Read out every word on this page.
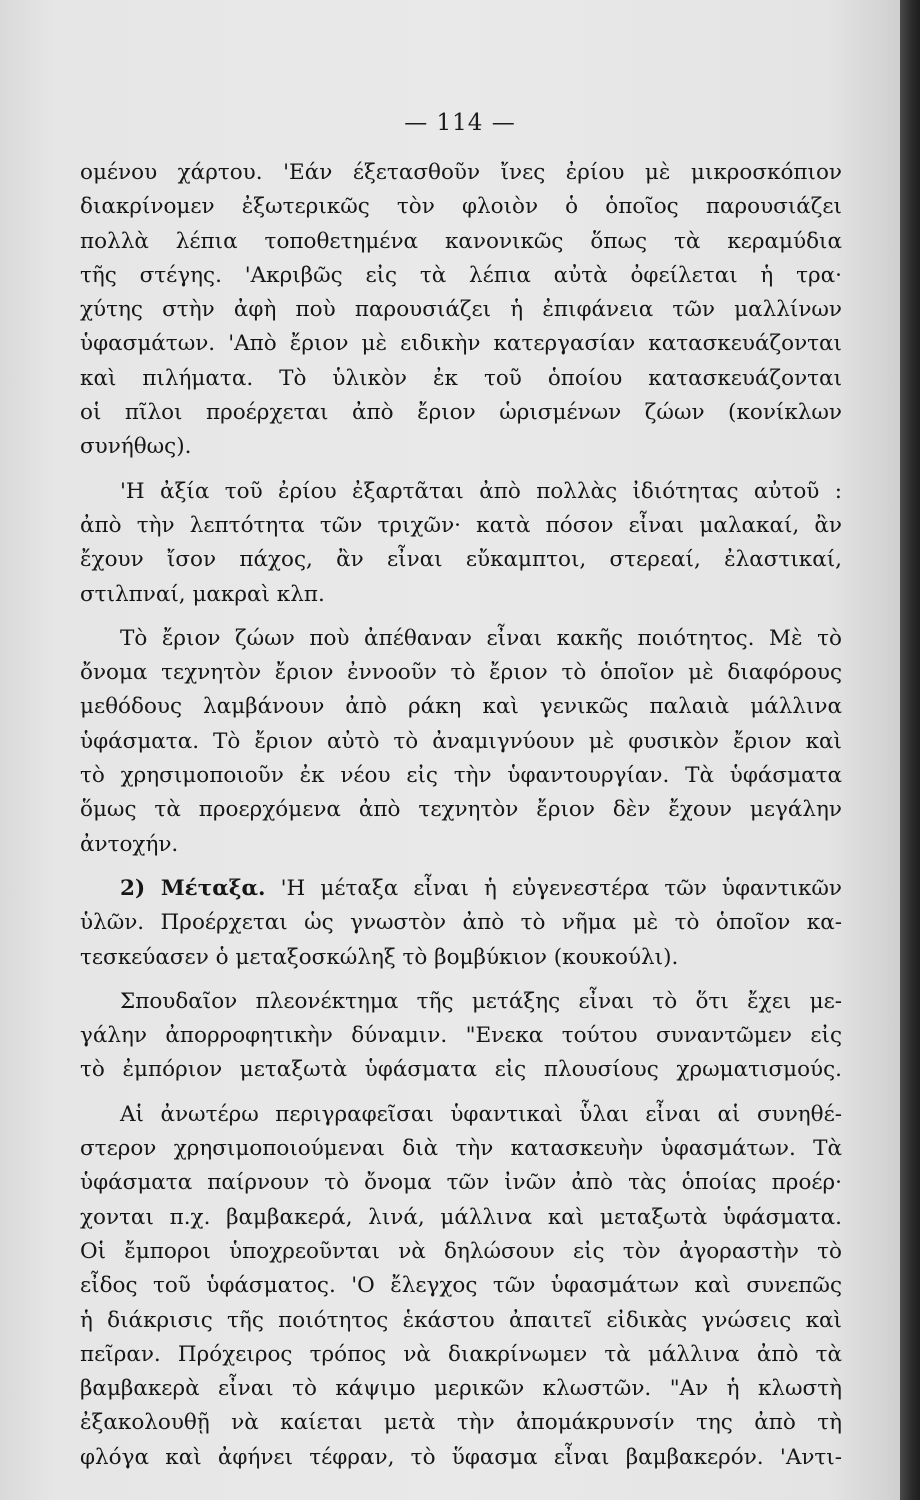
— 114 —
ομένου χάρτου. 'Εάν έξετασθοῦν ἴνες ἐρίου μὲ μικροσκόπιον
διακρίνομεν ἐξωτερικῶς τὸν φλοιὸν ὁ ὁποῖος παρουσιάζει
πολλὰ λέπια τοποθετημένα κανονικῶς ὅπως τὰ κεραμύδια
τῆς στέγης. 'Ακριβῶς εἰς τὰ λέπια αὐτὰ ὀφείλεται ἡ τρα·
χύτης στὴν ἀφὴ ποὺ παρουσιάζει ἡ ἐπιφάνεια τῶν μαλλίνων
ὑφασμάτων. 'Απὸ ἔριον μὲ ειδικὴν κατεργασίαν κατασκευάζονται
καὶ πιλήματα. Τὸ ὑλικὸν ἐκ τοῦ ὁποίου κατασκευάζονται
οἱ πῖλοι προέρχεται ἀπὸ ἔριον ὡρισμένων ζώων (κονίκλων
συνήθως).
'Η ἀξία τοῦ ἐρίου ἐξαρτᾶται ἀπὸ πολλὰς ἰδιότητας αὐτοῦ :
ἀπὸ τὴν λεπτότητα τῶν τριχῶν· κατὰ πόσον εἶναι μαλακαί, ἂν
ἔχουν ἴσον πάχος, ἂν εἶναι εὔκαμπτοι, στερεαί, ἐλαστικαί,
στιλπναί, μακραὶ κλπ.
Τὸ ἔριον ζώων ποὺ ἀπέθαναν εἶναι κακῆς ποιότητος. Μὲ τὸ
ὄνομα τεχνητὸν ἔριον ἐννοοῦν τὸ ἔριον τὸ ὁποῖον μὲ διαφόρους
μεθόδους λαμβάνουν ἀπὸ ράκη καὶ γενικῶς παλαιὰ μάλλινα
ὑφάσματα. Τὸ ἔριον αὐτὸ τὸ ἀναμιγνύουν μὲ φυσικὸν ἔριον καὶ
τὸ χρησιμοποιοῦν ἐκ νέου εἰς τὴν ὑφαντουργίαν. Τὰ ὑφάσματα
ὅμως τὰ προερχόμενα ἀπὸ τεχνητὸν ἔριον δὲν ἔχουν μεγάλην
ἀντοχήν.
2) Μέταξα. 'Η μέταξα εἶναι ἡ εὐγενεστέρα τῶν ὑφαντικῶν
ὑλῶν. Προέρχεται ὡς γνωστὸν ἀπὸ τὸ νῆμα μὲ τὸ ὁποῖον κα-
τεσκεύασεν ὁ μεταξοσκώληξ τὸ βομβύκιον (κουκούλι).
Σπουδαῖον πλεονέκτημα τῆς μετάξης εἶναι τὸ ὅτι ἔχει με-
γάλην ἀπορροφητικὴν δύναμιν. "Ενεκα τούτου συναντῶμεν εἰς
τὸ ἐμπόριον μεταξωτὰ ὑφάσματα εἰς πλουσίους χρωματισμούς.
Αἱ ἀνωτέρω περιγραφεῖσαι ὑφαντικαὶ ὗλαι εἶναι αἱ συνηθέ-
στερον χρησιμοποιούμεναι διὰ τὴν κατασκευὴν ὑφασμάτων. Τὰ
ὑφάσματα παίρνουν τὸ ὄνομα τῶν ἰνῶν ἀπὸ τὰς ὁποίας προέρ·
χονται π.χ. βαμβακερά, λινά, μάλλινα καὶ μεταξωτὰ ὑφάσματα.
Οἱ ἔμποροι ὑποχρεοῦνται νὰ δηλώσουν εἰς τὸν ἀγοραστὴν τὸ
εἶδος τοῦ ὑφάσματος. 'Ο ἔλεγχος τῶν ὑφασμάτων καὶ συνεπῶς
ἡ διάκρισις τῆς ποιότητος ἑκάστου ἀπαιτεῖ εἰδικὰς γνώσεις καὶ
πεῖραν. Πρόχειρος τρόπος νὰ διακρίνωμεν τὰ μάλλινα ἀπὸ τὰ
βαμβακερὰ εἶναι τὸ κάψιμο μερικῶν κλωστῶν. "Αν ἡ κλωστὴ
ἐξακολουθῇ νὰ καίεται μετὰ τὴν ἀπομάκρυνσίν της ἀπὸ τὴ
φλόγα καὶ ἀφήνει τέφραν, τὸ ὕφασμα εἶναι βαμβακερόν. 'Αντι-
